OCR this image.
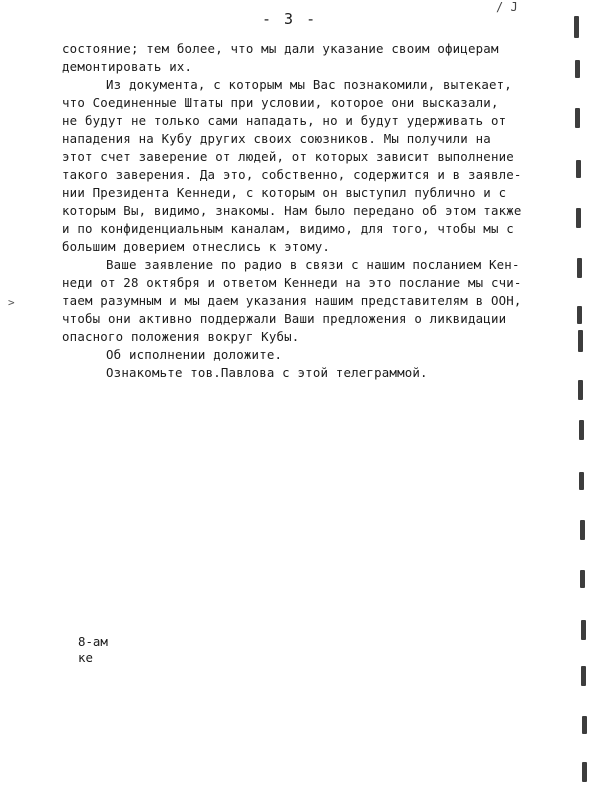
- 3 -
/ J
>

состояние; тем более, что мы дали указание своим офицерам
демонтировать их.

Из документа, с которым мы Вас познакомили, вытекает,
что Соединенные Штаты при условии, которое они высказали,
не будут не только сами нападать, но и будут удерживать от
нападения на Кубу других своих союзников. Мы получили на
этот счет заверение от людей, от которых зависит выполнение
такого заверения. Да это, собственно, содержится и в заявле-
нии Президента Кеннеди, с которым он выступил публично и с
которым Вы, видимо, знакомы. Нам было передано об этом также
и по конфиденциальным каналам, видимо, для того, чтобы мы с
большим доверием отнеслись к этому.

Ваше заявление по радио в связи с нашим посланием Кен-
неди от 28 октября и ответом Кеннеди на это послание мы счи-
таем разумным и мы даем указания нашим представителям в ООН,
чтобы они активно поддержали Ваши предложения о ликвидации
опасного положения вокруг Кубы.

Об исполнении доложите.

Ознакомьте тов.Павлова с этой телеграммой.

8-ам
ке
